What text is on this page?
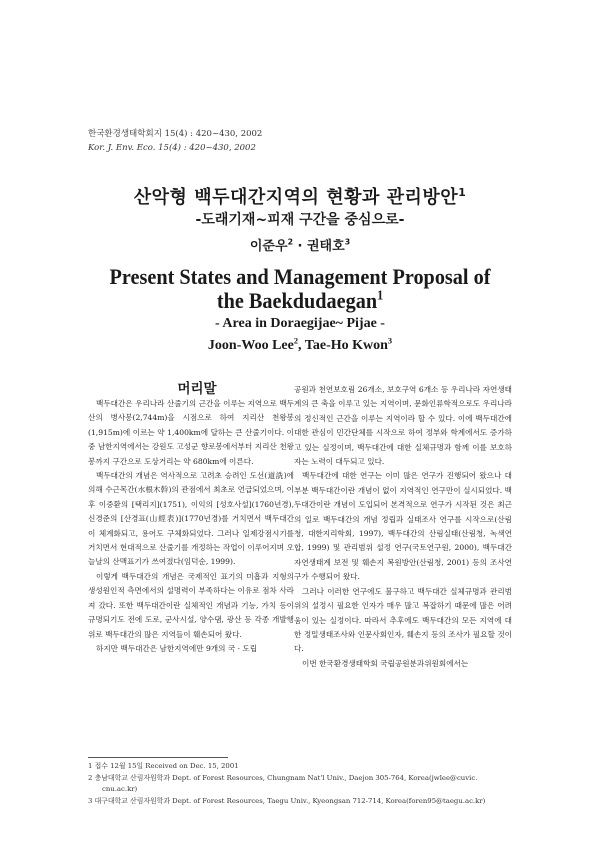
한국환경생태학회지 15(4) : 420~430, 2002
Kor. J. Env. Eco. 15(4) : 420~430, 2002
산악형 백두대간지역의 현황과 관리방안$^1$
-도래기재~피재 구간을 중심으로-
이준우$^2$ · 권태호$^3$
Present States and Management Proposal of
the Baekdudaegan$^1$
- Area in Doraegijae~ Pijae -
Joon-Woo Lee$^2$, Tae-Ho Kwon$^3$
머리말

백두대간은 우리나라 산줄기의 근간을 이루는 지역으로 백두산의 병사봉(2,744m)을 시점으로 하여 지리산 천왕봉(1,915m)에 이르는 약 1,400km에 달하는 큰 산줄기이다. 이중 남한지역에서는 강원도 고성군 향로봉에서부터 지리산 천왕봉까지 구간으로 도상거리는 약 680km에 이른다.

백두대간의 개념은 역사적으로 고려초 승려인 도선(道詵)에 의해 수근목간(水根木幹)의 관점에서 최초로 언급되었으며, 이후 이중환의 [택리지](1751), 이익의 [성호사설](1760년경), 신경준의 [산경표(山經表)](1770년경)를 거치면서 백두대간이 체계화되고, 용어도 구체화되었다. 그러나 일제강점시기를 거치면서 현대적으로 산줄기를 개정하는 작업이 이루어지며 오늘날의 산맥표기가 쓰여졌다(임덕순, 1999).

이렇게 백두대간의 개념은 국제적인 표기의 미흡과 지형의 생성원인적 측면에서의 설명력이 부족하다는 이유로 점차 사라져 갔다. 또한 백두대간이란 실체적인 개념과 기능, 가치 등이 규명되기도 전에 도로, 군사시설, 양수댐, 광산 등 각종 개발행위로 백두대간의 많은 지역들이 훼손되어 왔다.

하지만 백두대간은 남한지역에만 9개의 국 · 도립

공원과 천연보호림 26개소, 보호구역 6개소 등 우리나라 자연생태계의 큰 축을 이루고 있는 지역이며, 문화인류학적으로도 우리나라의 정신적인 근간을 이루는 지역이라 할 수 있다. 이에 백두대간에 대한 관심이 민간단체를 시작으로 하여 정부와 학계에서도 증가하고 있는 실정이며, 백두대간에 대한 실체규명과 함께 이를 보호하자는 노력이 대두되고 있다.

백두대간에 대한 연구는 이미 많은 연구가 진행되어 왔으나 대부분 백두대간이란 개념이 없이 지역적인 연구만이 실시되었다. 백두대간이란 개념이 도입되어 본격적으로 연구가 시작된 것은 최근의 일로 백두대간의 개념 정립과 실태조사 연구를 시작으로(산림청, 대한지리학회, 1997), 백두대간의 산림실태(산림청, 녹색연합, 1999) 및 관리범위 설정 연구(국토연구원, 2000), 백두대간 자연생태계 보전 및 훼손지 복원방안(산림청, 2001) 등의 조사연구가 수행되어 왔다.

그러나 이러한 연구에도 불구하고 백두대간 실체규명과 관리범위의 설정시 필요한 인자가 매우 많고 복잡하기 때문에 많은 어려움이 있는 실정이다. 따라서 추후에도 백두대간의 모든 지역에 대한 정밀생태조사와 인문사회인자, 훼손지 등의 조사가 필요할 것이다.

이번 한국환경생태학회 국립공원분과위원회에서는

1 접수 12월 15일 Received on Dec. 15, 2001
2 충남대학교 산림자원학과 Dept. of Forest Resources, Chungnam Nat'l Univ., Daejon 305-764, Korea(jwlee@cuvic.
cnu.ac.kr)
3 대구대학교 산림자원학과 Dept. of Forest Resources, Taegu Univ., Kyeongsan 712-714, Korea(foren95@taegu.ac.kr)
